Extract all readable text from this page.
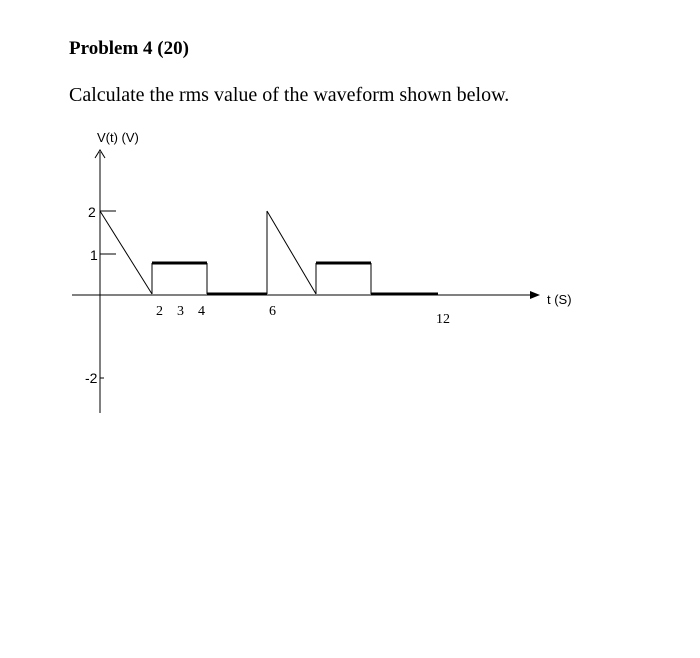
Problem 4 (20)
Calculate the rms value of the waveform shown below.
V(t) (V)
t (S)
2
1
-2
2 3 4	6
12
